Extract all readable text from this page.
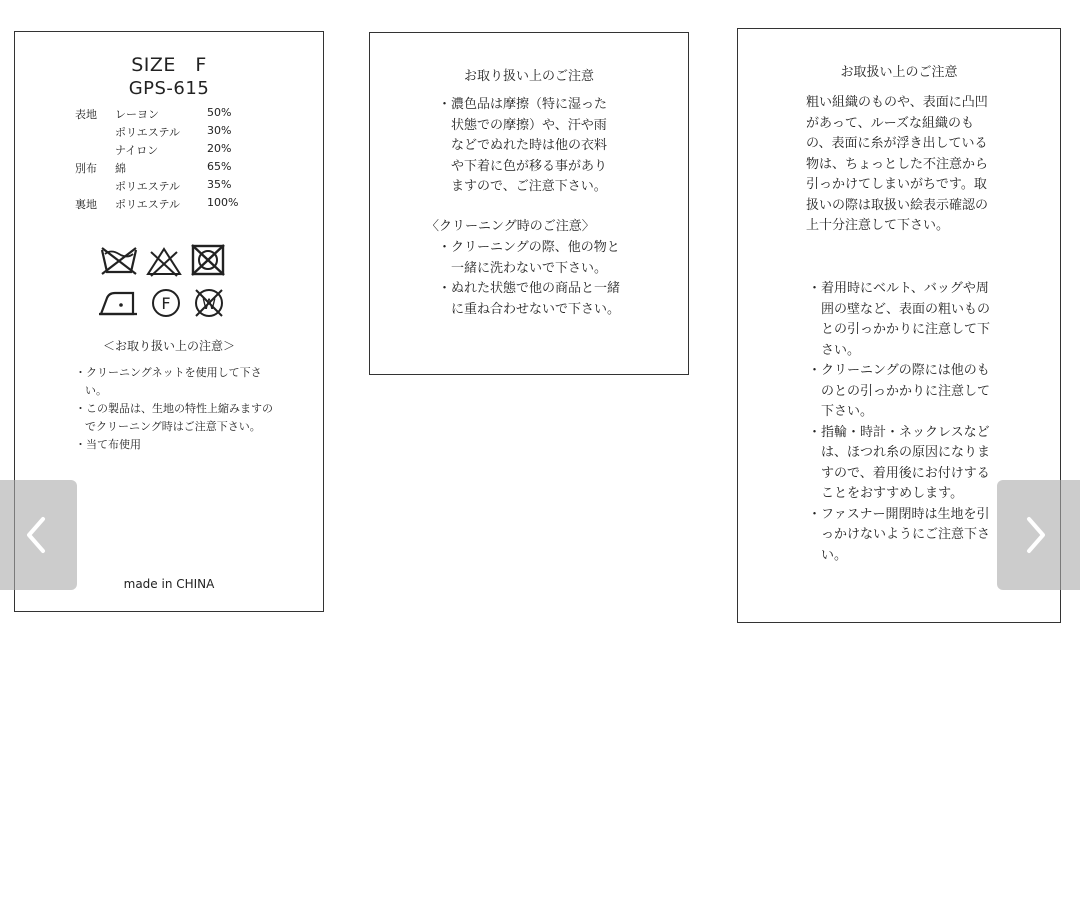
SIZE　F
GPS-615
表地 レーヨン	50%
ポリエステル 30%
ナイロン	20%
別布 綿	65%
ポリエステル 35%
裏地 ポリエステル 100%
F W
＜お取り扱い上の注意＞
・クリーニングネットを使用して下さい。
・この製品は、生地の特性上縮みますのでクリーニング時はご注意下さい。
・当て布使用
made in CHINA
お取り扱い上のご注意
・濃色品は摩擦（特に湿った状態での摩擦）や、汗や雨などでぬれた時は他の衣料や下着に色が移る事がありますので、ご注意下さい。
〈クリーニング時のご注意〉
・クリーニングの際、他の物と一緒に洗わないで下さい。
・ぬれた状態で他の商品と一緒に重ね合わせないで下さい。
お取扱い上のご注意

粗い組織のものや、表面に凸凹があって、ルーズな組織のもの、表面に糸が浮き出している物は、ちょっとした不注意から引っかけてしまいがちです。取扱いの際は取扱い絵表示確認の上十分注意して下さい。

・着用時にベルト、バッグや周囲の壁など、表面の粗いものとの引っかかりに注意して下さい。
・クリーニングの際には他のものとの引っかかりに注意して下さい。
・指輪・時計・ネックレスなどは、ほつれ糸の原因になりますので、着用後にお付けすることをおすすめします。
・ファスナー開閉時は生地を引っかけないようにご注意下さい。
